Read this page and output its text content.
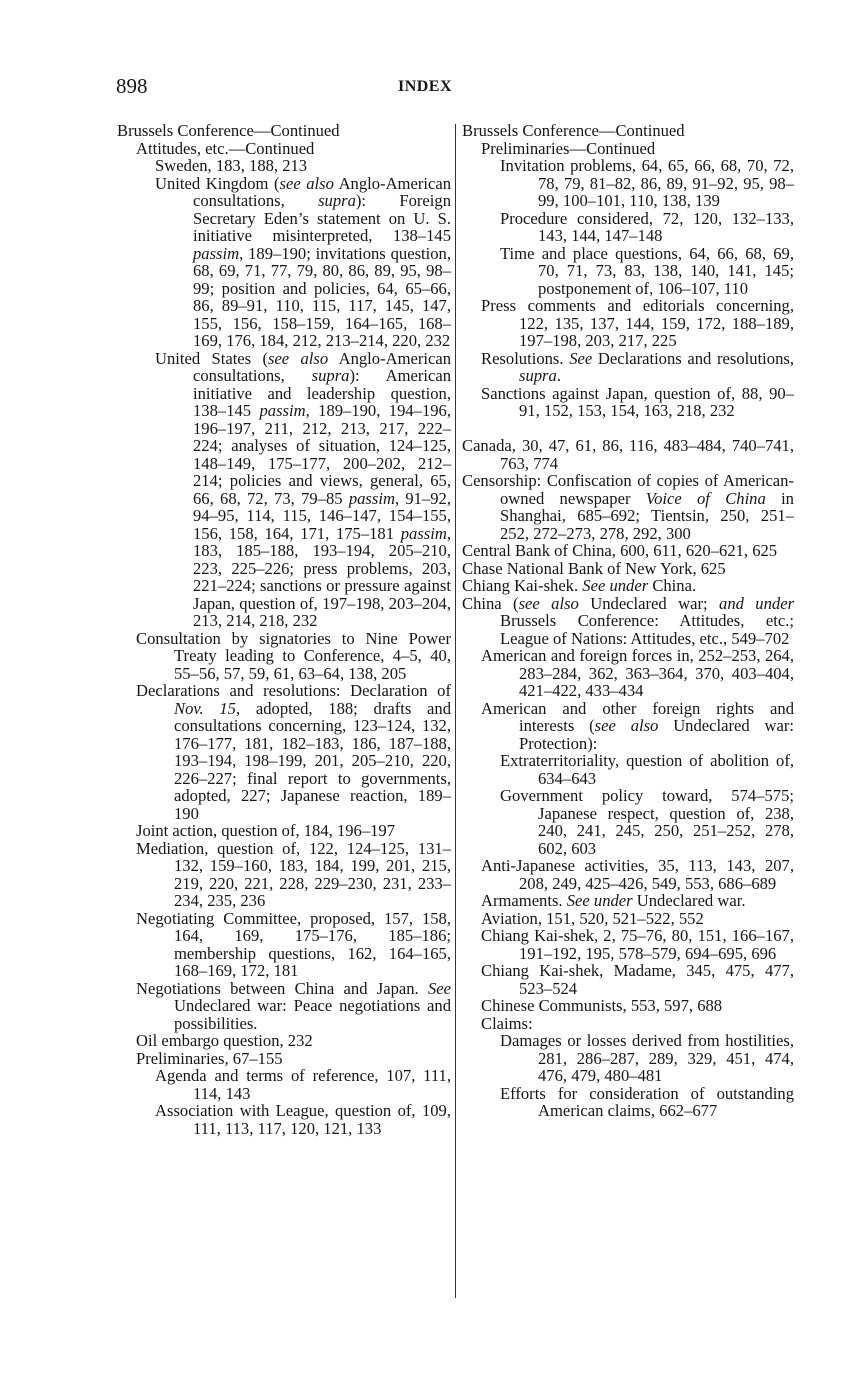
898	INDEX
Brussels Conference—Continued
Attitudes, etc.—Continued
Sweden, 183, 188, 213
United Kingdom (see also Anglo-American consultations, supra): Foreign Secretary Eden’s statement on U. S. initiative misinterpreted, 138–145 passim, 189–190; invitations question, 68, 69, 71, 77, 79, 80, 86, 89, 95, 98–99; position and policies, 64, 65–66, 86, 89–91, 110, 115, 117, 145, 147, 155, 156, 158–159, 164–165, 168–169, 176, 184, 212, 213–214, 220, 232
United States (see also Anglo-American consultations, supra): American initiative and leadership question, 138–145 passim, 189–190, 194–196, 196–197, 211, 212, 213, 217, 222–224; analyses of situation, 124–125, 148–149, 175–177, 200–202, 212–214; policies and views, general, 65, 66, 68, 72, 73, 79–85 passim, 91–92, 94–95, 114, 115, 146–147, 154–155, 156, 158, 164, 171, 175–181 passim, 183, 185–188, 193–194, 205–210, 223, 225–226; press problems, 203, 221–224; sanctions or pressure against Japan, question of, 197–198, 203–204, 213, 214, 218, 232
Consultation by signatories to Nine Power Treaty leading to Conference, 4–5, 40, 55–56, 57, 59, 61, 63–64, 138, 205
Declarations and resolutions: Declaration of Nov. 15, adopted, 188; drafts and consultations concerning, 123–124, 132, 176–177, 181, 182–183, 186, 187–188, 193–194, 198–199, 201, 205–210, 220, 226–227; final report to governments, adopted, 227; Japanese reaction, 189–190
Joint action, question of, 184, 196–197
Mediation, question of, 122, 124–125, 131–132, 159–160, 183, 184, 199, 201, 215, 219, 220, 221, 228, 229–230, 231, 233–234, 235, 236
Negotiating Committee, proposed, 157, 158, 164, 169, 175–176, 185–186; membership questions, 162, 164–165, 168–169, 172, 181
Negotiations between China and Japan. See Undeclared war: Peace negotiations and possibilities.
Oil embargo question, 232
Preliminaries, 67–155
Agenda and terms of reference, 107, 111, 114, 143
Association with League, question of, 109, 111, 113, 117, 120, 121, 133
Brussels Conference—Continued
Preliminaries—Continued
Invitation problems, 64, 65, 66, 68, 70, 72, 78, 79, 81–82, 86, 89, 91–92, 95, 98–99, 100–101, 110, 138, 139
Procedure considered, 72, 120, 132–133, 143, 144, 147–148
Time and place questions, 64, 66, 68, 69, 70, 71, 73, 83, 138, 140, 141, 145; postponement of, 106–107, 110
Press comments and editorials concerning, 122, 135, 137, 144, 159, 172, 188–189, 197–198, 203, 217, 225
Resolutions. See Declarations and resolutions, supra.
Sanctions against Japan, question of, 88, 90–91, 152, 153, 154, 163, 218, 232
Canada, 30, 47, 61, 86, 116, 483–484, 740–741, 763, 774
Censorship: Confiscation of copies of American-owned newspaper Voice of China in Shanghai, 685–692; Tientsin, 250, 251–252, 272–273, 278, 292, 300
Central Bank of China, 600, 611, 620–621, 625
Chase National Bank of New York, 625
Chiang Kai-shek. See under China.
China (see also Undeclared war; and under Brussels Conference: Attitudes, etc.; League of Nations: Attitudes, etc., 549–702
American and foreign forces in, 252–253, 264, 283–284, 362, 363–364, 370, 403–404, 421–422, 433–434
American and other foreign rights and interests (see also Undeclared war: Protection):
Extraterritoriality, question of abolition of, 634–643
Government policy toward, 574–575; Japanese respect, question of, 238, 240, 241, 245, 250, 251–252, 278, 602, 603
Anti-Japanese activities, 35, 113, 143, 207, 208, 249, 425–426, 549, 553, 686–689
Armaments. See under Undeclared war.
Aviation, 151, 520, 521–522, 552
Chiang Kai-shek, 2, 75–76, 80, 151, 166–167, 191–192, 195, 578–579, 694–695, 696
Chiang Kai-shek, Madame, 345, 475, 477, 523–524
Chinese Communists, 553, 597, 688
Claims:
Damages or losses derived from hostilities, 281, 286–287, 289, 329, 451, 474, 476, 479, 480–481
Efforts for consideration of outstanding American claims, 662–677
